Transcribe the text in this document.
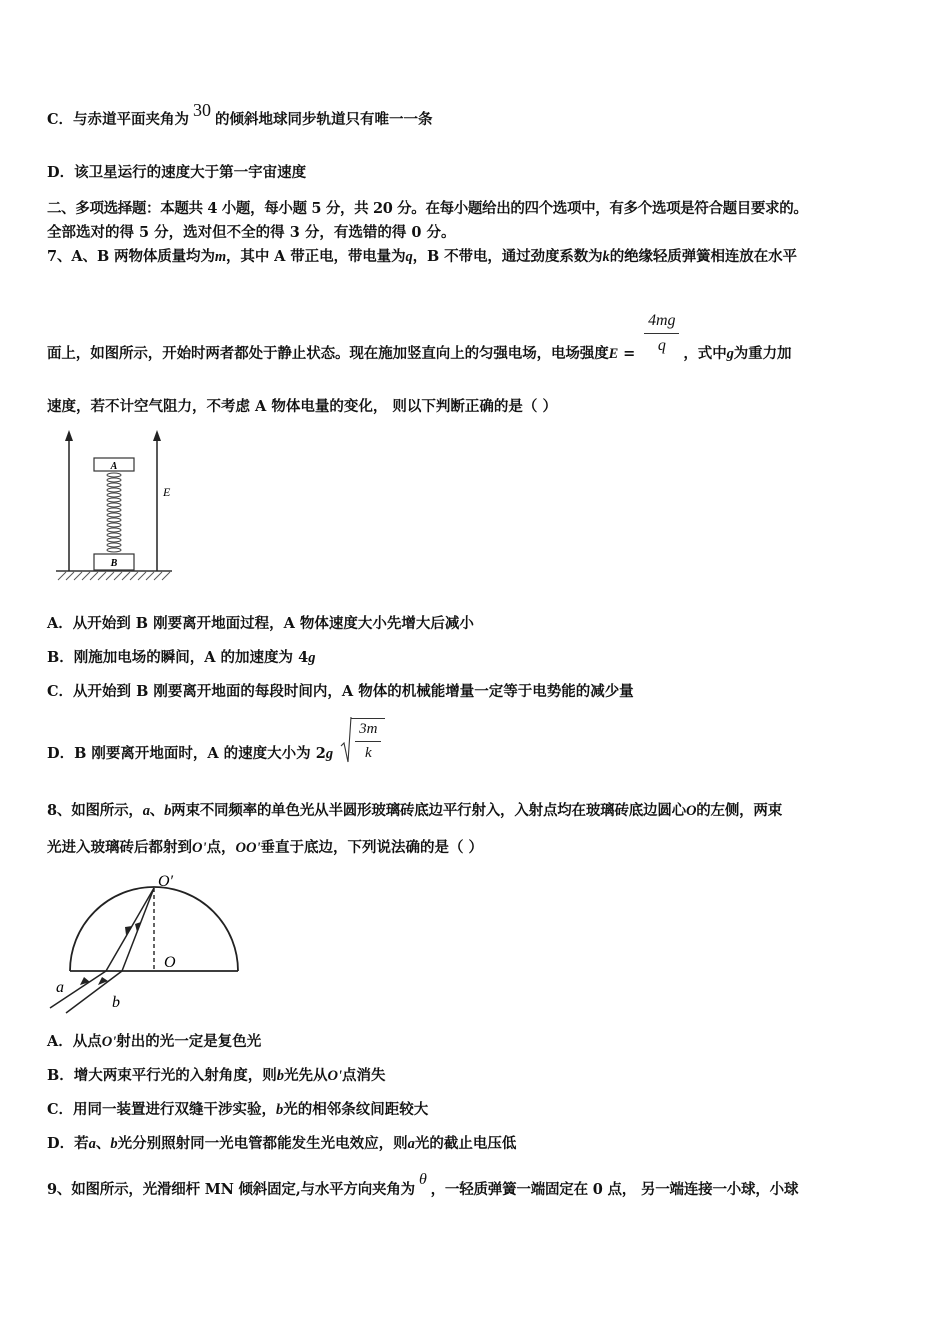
C．与赤道平面夹角为 30 的倾斜地球同步轨道只有唯一一条
D．该卫星运行的速度大于第一宇宙速度
二、多项选择题：本题共 4 小题，每小题 5 分，共 20 分。在每小题给出的四个选项中，有多个选项是符合题目要求的。
全部选对的得 5 分，选对但不全的得 3 分，有选错的得 0 分。
7、A、B 两物体质量均为m，其中 A 带正电，带电量为q，B 不带电，通过劲度系数为k的绝缘轻质弹簧相连放在水平
面上，如图所示，开始时两者都处于静止状态。现在施加竖直向上的匀强电场，电场强度$E = \frac{4mg}{q}$ ，式中g为重力加
速度，若不计空气阻力，不考虑 A 物体电量的变化， 则以下判断正确的是（ ）
A
B
E
A．从开始到 B 刚要离开地面过程，A 物体速度大小先增大后减小
B．刚施加电场的瞬间，A 的加速度为 4g
C．从开始到 B 刚要离开地面的每段时间内，A 物体的机械能增量一定等于电势能的减少量
D．B 刚要离开地面时，A 的速度大小为 $2g \frac{3m}{k}$
8、如图所示，a、b两束不同频率的单色光从半圆形玻璃砖底边平行射入，入射点均在玻璃砖底边圆心O的左侧，两束
光进入玻璃砖后都射到O'点，OO'垂直于底边，下列说法确的是（ ）
O′
O
a
b
A．从点O'射出的光一定是复色光
B．增大两束平行光的入射角度，则b光先从O'点消失
C．用同一装置进行双缝干涉实验，b光的相邻条纹间距较大
D．若a、b光分别照射同一光电管都能发生光电效应，则a光的截止电压低
9、如图所示，光滑细杆 MN 倾斜固定,与水平方向夹角为θ，一轻质弹簧一端固定在 0 点， 另一端连接一小球，小球
